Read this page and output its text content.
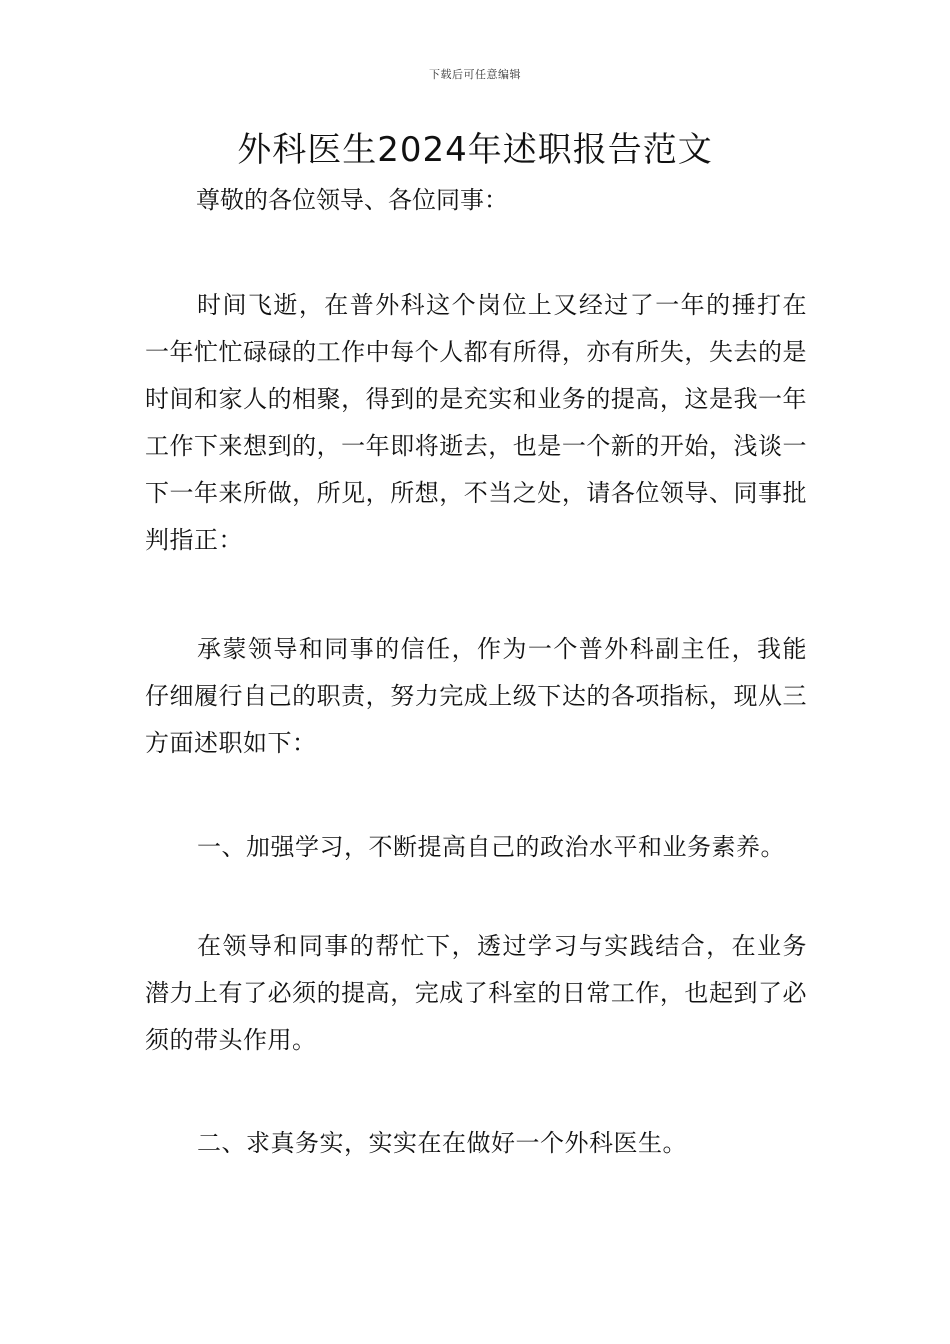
下载后可任意编辑
外科医生2024年述职报告范文
尊敬的各位领导、各位同事：

时间飞逝，在普外科这个岗位上又经过了一年的捶打在一年忙忙碌碌的工作中每个人都有所得，亦有所失，失去的是时间和家人的相聚，得到的是充实和业务的提高，这是我一年工作下来想到的，一年即将逝去，也是一个新的开始，浅谈一下一年来所做，所见，所想，不当之处，请各位领导、同事批判指正：

承蒙领导和同事的信任，作为一个普外科副主任，我能仔细履行自己的职责，努力完成上级下达的各项指标，现从三方面述职如下：

一、加强学习，不断提高自己的政治水平和业务素养。

在领导和同事的帮忙下，透过学习与实践结合，在业务潜力上有了必须的提高，完成了科室的日常工作，也起到了必须的带头作用。

二、求真务实，实实在在做好一个外科医生。
